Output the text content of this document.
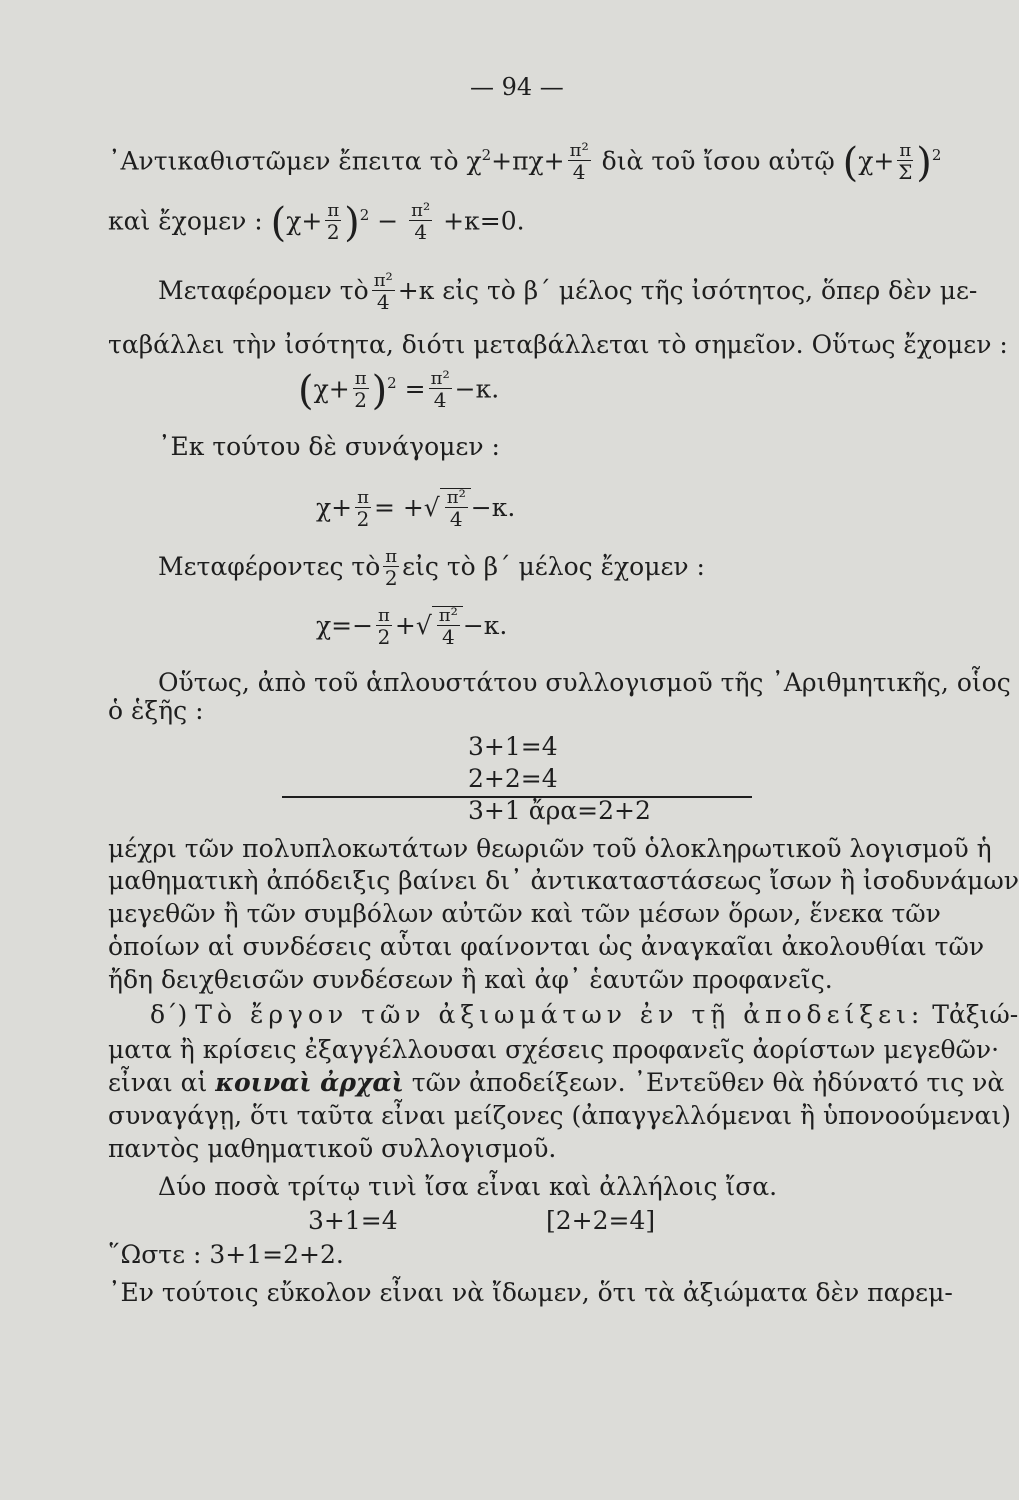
— 94 —
᾿Αντικαθιστῶμεν ἔπειτα τὸ $\chi^2+\pi\chi+ \frac{\text{π²}}{4}$ διὰ τοῦ ἴσου αὐτῷ $(\chi+ \frac{\pi}{\Sigma} )^2$
καὶ ἔχομεν : $(\chi+ \frac{\pi}{2} )^2 - \frac{\text{π²}}{4} +\kappa=0$.
Μεταφέρομεν τὸ $\frac{\text{π²}}{4} +\kappa$ εἰς τὸ β΄ μέλος τῆς ἰσότητος, ὅπερ δὲν με-
ταβάλλει τὴν ἰσότητα, διότι μεταβάλλεται τὸ σημεῖον. Οὕτως ἔχομεν :
$(\chi+ \frac{\pi}{2} )^2 = \frac{\text{π²}}{4} -\kappa$.
᾿Εκ τούτου δὲ συνάγομεν :
$\chi+ \frac{\pi}{2}$ = +√ $\frac{\text{π²}}{4} -\kappa$.
Μεταφέροντες τὸ $\frac{\pi}{2}$ εἰς τὸ β΄ μέλος ἔχομεν :
$\chi=- \frac{\pi}{2}$ +√ $\frac{\text{π²}}{4} -\kappa$.
Οὕτως, ἀπὸ τοῦ ἁπλουστάτου συλλογισμοῦ τῆς ᾿Αριθμητικῆς, οἷος
ὁ ἑξῆς :
3+1=4
2+2=4
3+1 ἄρα=2+2
μέχρι τῶν πολυπλοκωτάτων θεωριῶν τοῦ ὁλοκληρωτικοῦ λογισμοῦ ἡ
μαθηματικὴ ἀπόδειξις βαίνει δι᾿ ἀντικαταστάσεως ἴσων ἢ ἰσοδυνάμων
μεγεθῶν ἢ τῶν συμβόλων αὐτῶν καὶ τῶν μέσων ὅρων, ἕνεκα τῶν
ὁποίων αἱ συνδέσεις αὗται φαίνονται ὡς ἀναγκαῖαι ἀκολουθίαι τῶν
ἤδη δειχθεισῶν συνδέσεων ἢ καὶ ἀφ᾿ ἑαυτῶν προφανεῖς.
δ΄) Τὸ ἔργον τῶν ἀξιωμάτων ἐν τῇ ἀποδείξει: Τἀξιώ-
ματα ἢ κρίσεις ἐξαγγέλλουσαι σχέσεις προφανεῖς ἀορίστων μεγεθῶν·
εἶναι αἱ κοιναὶ ἀρχαὶ τῶν ἀποδείξεων. ᾿Εντεῦθεν θὰ ἠδύνατό τις νὰ
συναγάγῃ, ὅτι ταῦτα εἶναι μείζονες (ἀπαγγελλόμεναι ἢ ὑπονοούμεναι)
παντὸς μαθηματικοῦ συλλογισμοῦ.
Δύο ποσὰ τρίτῳ τινὶ ἴσα εἶναι καὶ ἀλλήλοις ἴσα.
3+1=4	[2+2=4]
῞Ωστε : 3+1=2+2.
᾿Εν τούτοις εὔκολον εἶναι νὰ ἴδωμεν, ὅτι τὰ ἀξιώματα δὲν παρεμ-
